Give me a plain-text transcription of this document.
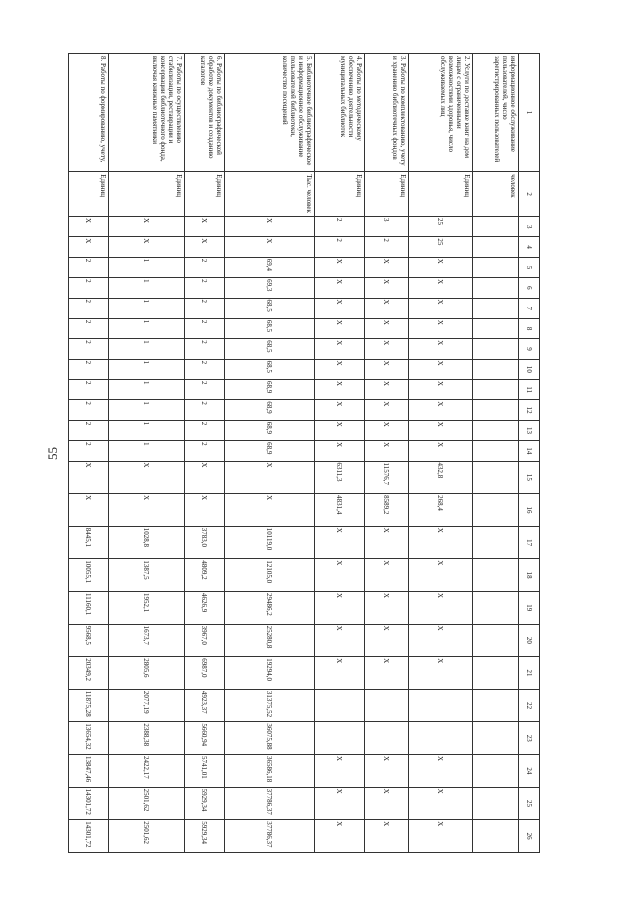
55
1	2	3	4	5	6	7	8	9	10	11	12	13	14	15	16	17	18	19	20	21	22	23	24	25	26
информационное обслуживание пользователей, число зарегистрированных пользователей	человек																								
2. Услуги по доставке книг на дом лицам с ограниченными возможностями здоровья, число обслуживаемых лиц	Единиц	25	25	X	X	X	X	X	X	X	X	X	X	432,8	268,4	X	X	X	X	X			X	X	X
3. Работы по комплектованию, учету и хранению библиотечных фондов	Единиц	3	2	X	X	X	X	X	X	X	X	X	X	11576,7	8589,2	X	X	X	X	X			X	X	X
4. Работы по методическому обеспечению деятельности муниципальных библиотек	Единиц	2	2	X	X	X	X	X	X	X	X	X	X	6311,3	4831,4	X	X	X	X	X			X	X	X
5. Библиотечное библиографическое и информационное обслуживание пользователей библиотеки, количество посещений	Тыс. человек	X	X	69,4	69,3	68,5	68,5	68,5	68,5	68,9	68,9	68,9	68,9	X	X	10119,0	12105,0	29486,2	25280,8	19294,0	31375,52	36075,88	36586,18	37786,37	37786,37
6. Работы по библиографической обработке документов и созданию каталогов	Единиц	X	X	2	2	2	2	2	2	2	2	2	2	X	X	3783,0	4809,2	4626,9	3967,0	6987,0	4923,37	5660,94	5741,01	5929,34	5929,34
7. Работы по осуществлению стабилизации, реставрации и консервации библиотечного фонда, включая книжные памятники	Единиц	X	X	1	1	1	1	1	1	1	1	1	1	X	X	1028,8	1387,5	1952,1	1673,7	2805,6	2077,19	2388,38	2422,17	2501,62	2501,62
8. Работы по формированию, учету,	Единиц	X	X	2	2	2	2	2	2	2	2	2	2	X	X	8445,1	10055,1	11160,1	9568,5	20349,2	11875,28	13654,32	13847,46	14301,72	14301,72
